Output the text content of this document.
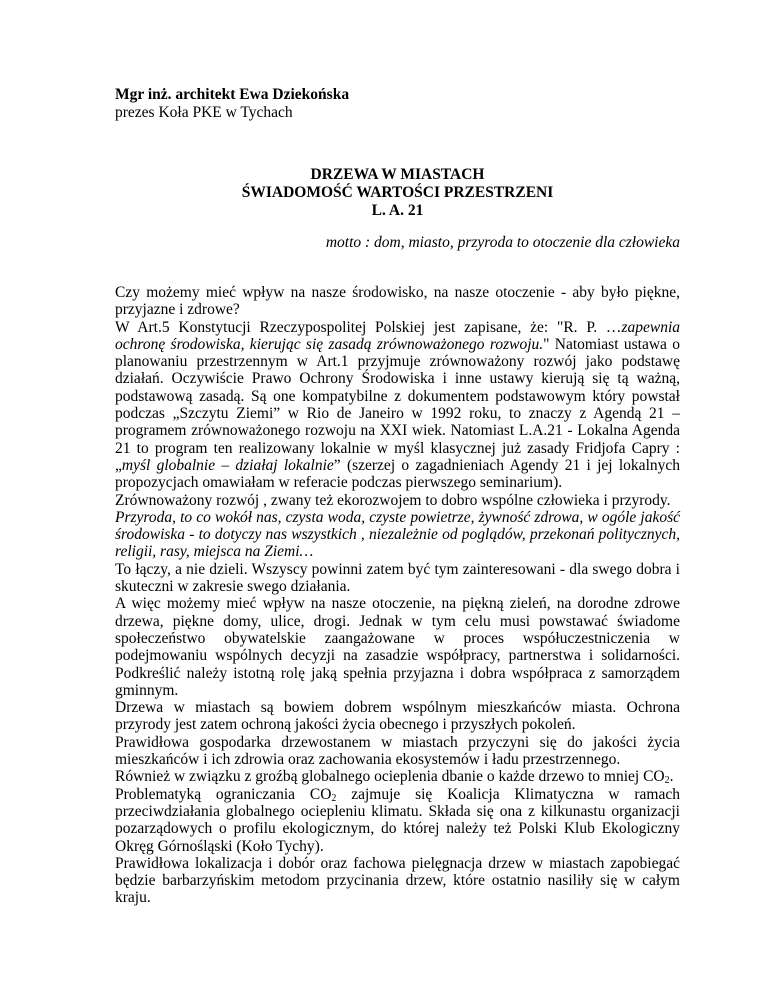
Mgr inż. architekt Ewa Dziekońska
prezes Koła PKE w Tychach
DRZEWA W MIASTACH
ŚWIADOMOŚĆ WARTOŚCI PRZESTRZENI
L. A. 21
motto : dom, miasto, przyroda to otoczenie dla człowieka

Czy możemy mieć wpływ na nasze środowisko, na nasze otoczenie - aby było piękne, przyjazne i zdrowe?

W Art.5 Konstytucji Rzeczypospolitej Polskiej jest zapisane, że: "R. P. …zapewnia ochronę środowiska, kierując się zasadą zrównoważonego rozwoju." Natomiast ustawa o planowaniu przestrzennym w Art.1 przyjmuje zrównoważony rozwój jako podstawę działań. Oczywiście Prawo Ochrony Środowiska i inne ustawy kierują się tą ważną, podstawową zasadą. Są one kompatybilne z dokumentem podstawowym który powstał podczas „Szczytu Ziemi” w Rio de Janeiro w 1992 roku, to znaczy z Agendą 21 – programem zrównoważonego rozwoju na XXI wiek. Natomiast L.A.21 - Lokalna Agenda 21 to program ten realizowany lokalnie w myśl klasycznej już zasady Fridjofa Capry : „myśl globalnie – działaj lokalnie” (szerzej o zagadnieniach Agendy 21 i jej lokalnych propozycjach omawiałam w referacie podczas pierwszego seminarium).

Zrównoważony rozwój , zwany też ekorozwojem to dobro wspólne człowieka i przyrody.

Przyroda, to co wokół nas, czysta woda, czyste powietrze, żywność zdrowa, w ogóle jakość środowiska - to dotyczy nas wszystkich , niezależnie od poglądów, przekonań politycznych, religii, rasy, miejsca na Ziemi…

To łączy, a nie dzieli. Wszyscy powinni zatem być tym zainteresowani - dla swego dobra i skuteczni w zakresie swego działania.

A więc możemy mieć wpływ na nasze otoczenie, na piękną zieleń, na dorodne zdrowe drzewa, piękne domy, ulice, drogi. Jednak w tym celu musi powstawać świadome społeczeństwo obywatelskie zaangażowane w proces współuczestniczenia w podejmowaniu wspólnych decyzji na zasadzie współpracy, partnerstwa i solidarności. Podkreślić należy istotną rolę jaką spełnia przyjazna i dobra współpraca z samorządem gminnym.

Drzewa w miastach są bowiem dobrem wspólnym mieszkańców miasta. Ochrona przyrody jest zatem ochroną jakości życia obecnego i przyszłych pokoleń.

Prawidłowa gospodarka drzewostanem w miastach przyczyni się do jakości życia mieszkańców i ich zdrowia oraz zachowania ekosystemów i ładu przestrzennego.

Również w związku z groźbą globalnego ocieplenia dbanie o każde drzewo to mniej $CO_2$.

Problematyką ograniczania $CO_2$ zajmuje się Koalicja Klimatyczna w ramach przeciwdziałania globalnego ociepleniu klimatu. Składa się ona z kilkunastu organizacji pozarządowych o profilu ekologicznym, do której należy też Polski Klub Ekologiczny Okręg Górnośląski (Koło Tychy).

Prawidłowa lokalizacja i dobór oraz fachowa pielęgnacja drzew w miastach zapobiegać będzie barbarzyńskim metodom przycinania drzew, które ostatnio nasiliły się w całym kraju.
